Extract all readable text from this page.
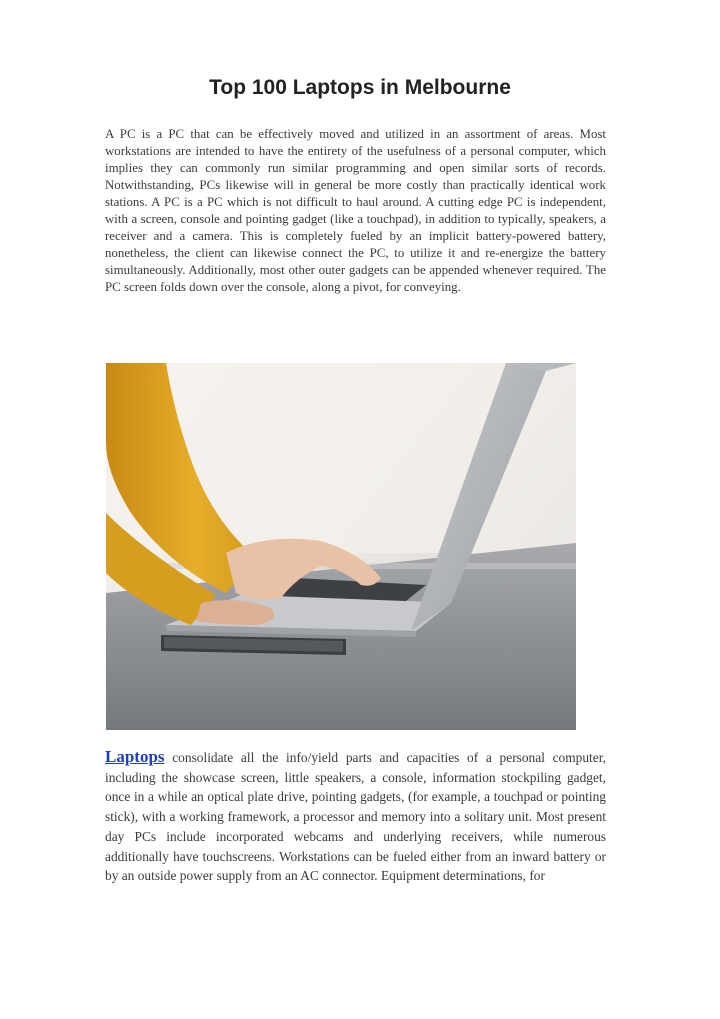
Top 100 Laptops in Melbourne

A PC is a PC that can be effectively moved and utilized in an assortment of areas. Most workstations are intended to have the entirety of the usefulness of a personal computer, which implies they can commonly run similar programming and open similar sorts of records. Notwithstanding, PCs likewise will in general be more costly than practically identical work stations. A PC is a PC which is not difficult to haul around. A cutting edge PC is independent, with a screen, console and pointing gadget (like a touchpad), in addition to typically, speakers, a receiver and a camera. This is completely fueled by an implicit battery-powered battery, nonetheless, the client can likewise connect the PC, to utilize it and re-energize the battery simultaneously. Additionally, most other outer gadgets can be appended whenever required. The PC screen folds down over the console, along a pivot, for conveying.

Laptops consolidate all the info/yield parts and capacities of a personal computer, including the showcase screen, little speakers, a console, information stockpiling gadget, once in a while an optical plate drive, pointing gadgets, (for example, a touchpad or pointing stick), with a working framework, a processor and memory into a solitary unit. Most present day PCs include incorporated webcams and underlying receivers, while numerous additionally have touchscreens. Workstations can be fueled either from an inward battery or by an outside power supply from an AC connector. Equipment determinations, for
